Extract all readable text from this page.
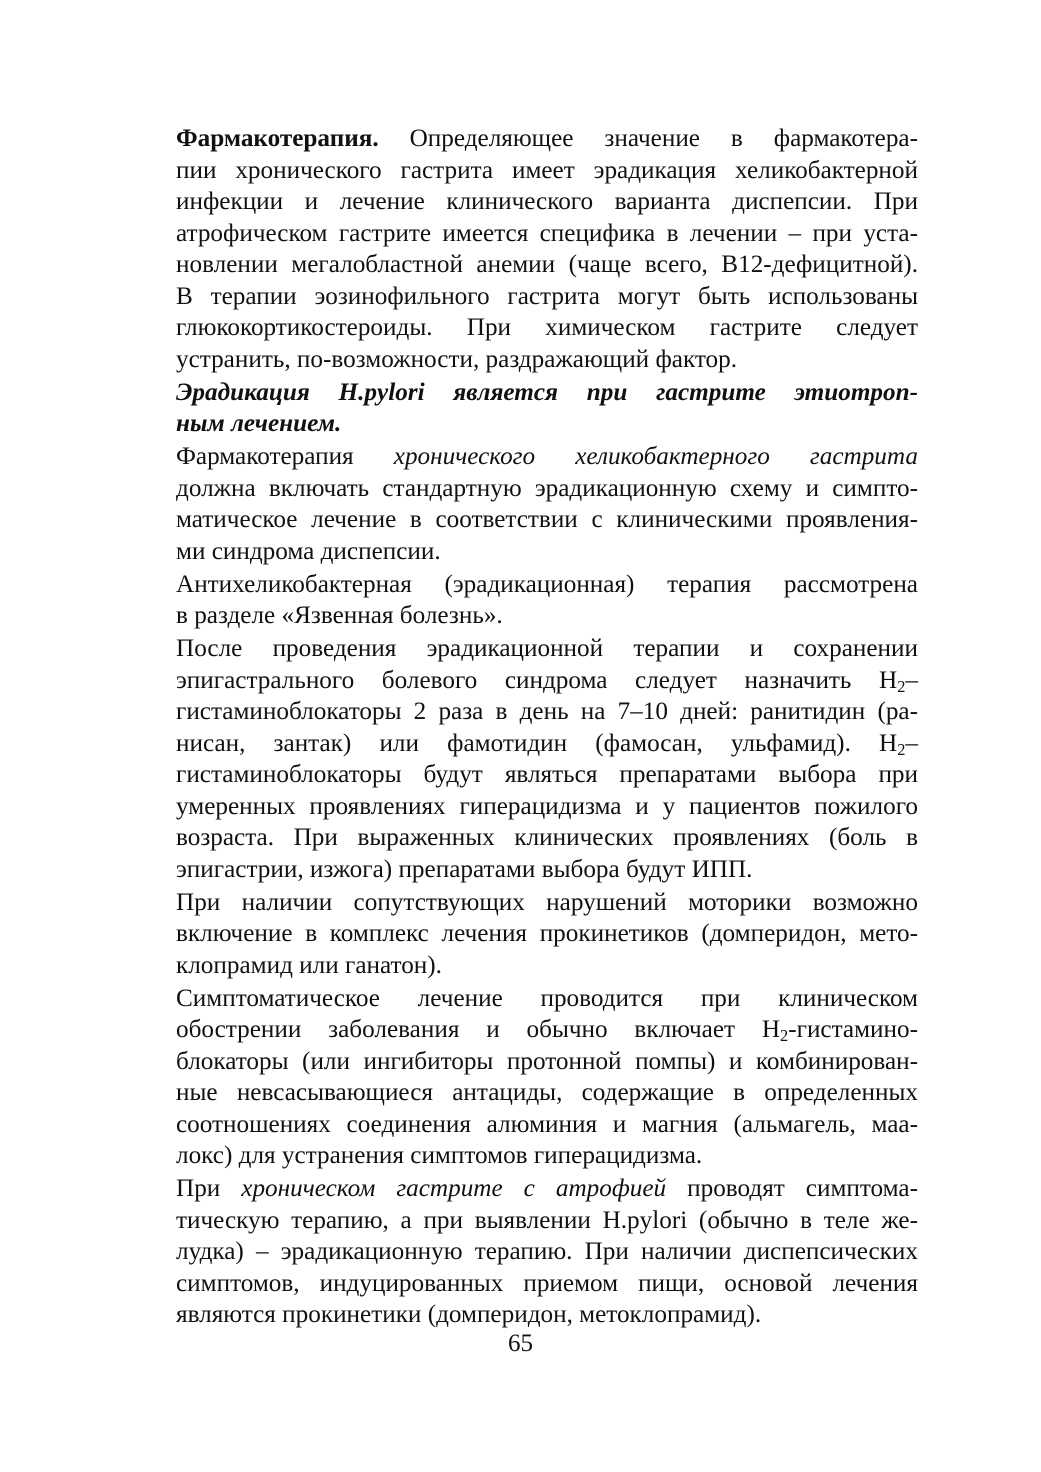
Фармакотерапия. Определяющее значение в фармакотера-
пии хронического гастрита имеет эрадикация хеликобактерной
инфекции и лечение клинического варианта диспепсии. При
атрофическом гастрите имеется специфика в лечении – при уста-
новлении мегалобластной анемии (чаще всего, В12-дефицитной).
В терапии эозинофильного гастрита могут быть использованы
глюкокортикостероиды. При химическом гастрите следует
устранить, по-возможности, раздражающий фактор.

Эрадикация H.pylori является при гастрите этиотроп-
ным лечением.

Фармакотерапия хронического хеликобактерного гастрита
должна включать стандартную эрадикационную схему и симпто-
матическое лечение в соответствии с клиническими проявления-
ми синдрома диспепсии.

Антихеликобактерная (эрадикационная) терапия рассмотрена
в разделе «Язвенная болезнь».

После проведения эрадикационной терапии и сохранении
эпигастрального болевого синдрома следует назначить $Н_2-$
гистаминоблокаторы 2 раза в день на 7–10 дней: ранитидин (ра-
нисан, зантак) или фамотидин (фамосан, ульфамид). $Н_2-$
гистаминоблокаторы будут являться препаратами выбора при
умеренных проявлениях гиперацидизма и у пациентов пожилого
возраста. При выраженных клинических проявлениях (боль в
эпигастрии, изжога) препаратами выбора будут ИПП.

При наличии сопутствующих нарушений моторики возможно
включение в комплекс лечения прокинетиков (домперидон, мето-
клопрамид или ганатон).

Симптоматическое лечение проводится при клиническом
обострении заболевания и обычно включает $Н_2-гистамино-$
блокаторы (или ингибиторы протонной помпы) и комбинирован-
ные невсасывающиеся антациды, содержащие в определенных
соотношениях соединения алюминия и магния (альмагель, маа-
локс) для устранения симптомов гиперацидизма.

При хроническом гастрите с атрофией проводят симптома-
тическую терапию, а при выявлении H.pylori (обычно в теле же-
лудка) – эрадикационную терапию. При наличии диспепсических
симптомов, индуцированных приемом пищи, основой лечения
являются прокинетики (домперидон, метоклопрамид).

65
